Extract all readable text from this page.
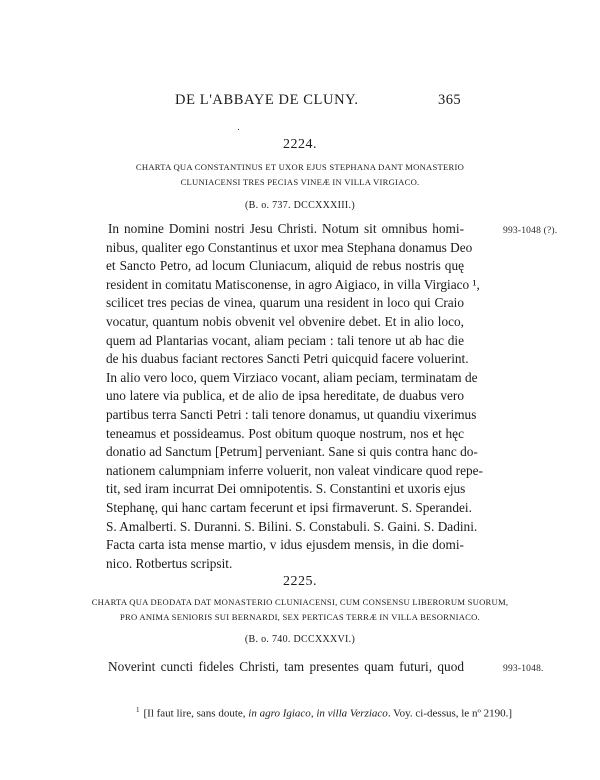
DE L'ABBAYE DE CLUNY.	365
٠
2224.
CHARTA QUA CONSTANTINUS ET UXOR EJUS STEPHANA DANT MONASTERIO
CLUNIACENSI TRES PECIAS VINEÆ IN VILLA VIRGIACO.
(B. o. 737. DCCXXXIII.)
993-1048 (?).
In nomine Domini nostri Jesu Christi. Notum sit omnibus homi-
nibus, qualiter ego Constantinus et uxor mea Stephana donamus Deo
et Sancto Petro, ad locum Cluniacum, aliquid de rebus nostris quę
resident in comitatu Matisconense, in agro Aigiaco, in villa Virgiaco ¹,
scilicet tres pecias de vinea, quarum una resident in loco qui Craio
vocatur, quantum nobis obvenit vel obvenire debet. Et in alio loco,
quem ad Plantarias vocant, aliam peciam : tali tenore ut ab hac die
de his duabus faciant rectores Sancti Petri quicquid facere voluerint.
In alio vero loco, quem Virziaco vocant, aliam peciam, terminatam de
uno latere via publica, et de alio de ipsa hereditate, de duabus vero
partibus terra Sancti Petri : tali tenore donamus, ut quandiu vixerimus
teneamus et possideamus. Post obitum quoque nostrum, nos et hęc
donatio ad Sanctum [Petrum] perveniant. Sane si quis contra hanc do-
nationem calumpniam inferre voluerit, non valeat vindicare quod repe-
tit, sed iram incurrat Dei omnipotentis. S. Constantini et uxoris ejus
Stephanę, qui hanc cartam fecerunt et ipsi firmaverunt. S. Sperandei.
S. Amalberti. S. Duranni. S. Bilini. S. Constabuli. S. Gaini. S. Dadini.
Facta carta ista mense martio, v idus ejusdem mensis, in die domi-
nico. Rotbertus scripsit.
2225.
CHARTA QUA DEODATA DAT MONASTERIO CLUNIACENSI, CUM CONSENSU LIBERORUM SUORUM,
PRO ANIMA SENIORIS SUI BERNARDI, SEX PERTICAS TERRÆ IN VILLA BESORNIACO.
(B. o. 740. DCCXXXVI.)
993-1048.
Noverint cuncti fideles Christi, tam presentes quam futuri, quod
$^1$ [Il faut lire, sans doute, in agro Igiaco, in villa Verziaco. Voy. ci-dessus, le nº 2190.]
